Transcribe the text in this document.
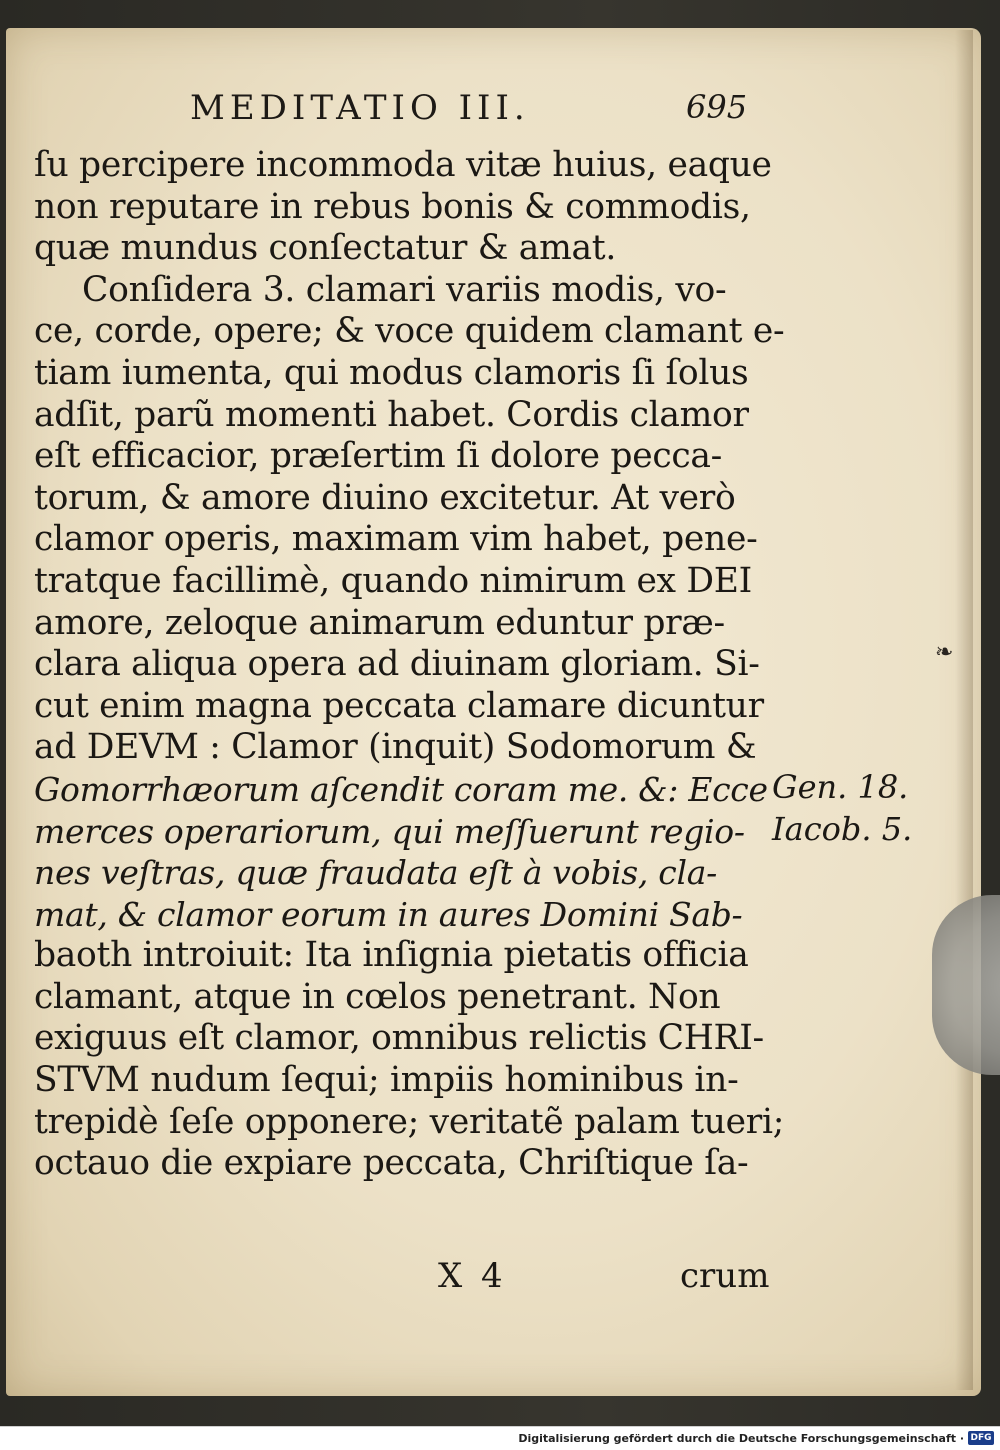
MEDITATIO III.	695
ſu percipere incommoda vitæ huius, eaque
non reputare in rebus bonis & commodis,
quæ mundus conſectatur & amat.
Conſidera 3. clamari variis modis, vo-
ce, corde, opere; & voce quidem clamant e-
tiam iumenta, qui modus clamoris ſi ſolus
adſit, parũ momenti habet. Cordis clamor
eſt efficacior, præſertim ſi dolore pecca-
torum, & amore diuino excitetur. At verò
clamor operis, maximam vim habet, pene-
tratque facillimè, quando nimirum ex DEI
amore, zeloque animarum eduntur præ-
clara aliqua opera ad diuinam gloriam. Si-
cut enim magna peccata clamare dicuntur
ad DEVM : Clamor (inquit) Sodomorum &
Gomorrhæorum aſcendit coram me. &: Ecce
merces operariorum, qui meſſuerunt regio-
nes veſtras, quæ fraudata eſt à vobis, cla-
mat, & clamor eorum in aures Domini Sab-
baoth introiuit: Ita inſignia pietatis officia
clamant, atque in cœlos penetrant. Non
exiguus eſt clamor, omnibus relictis CHRI-
STVM nudum ſequi; impiis hominibus in-
trepidè ſeſe opponere; veritatẽ palam tueri;
octauo die expiare peccata, Chriſtique ſa-
Gen. 18.
Iacob. 5.
❧
X 4	crum
Digitalisierung gefördert durch die Deutsche Forschungsgemeinschaft · DFG
